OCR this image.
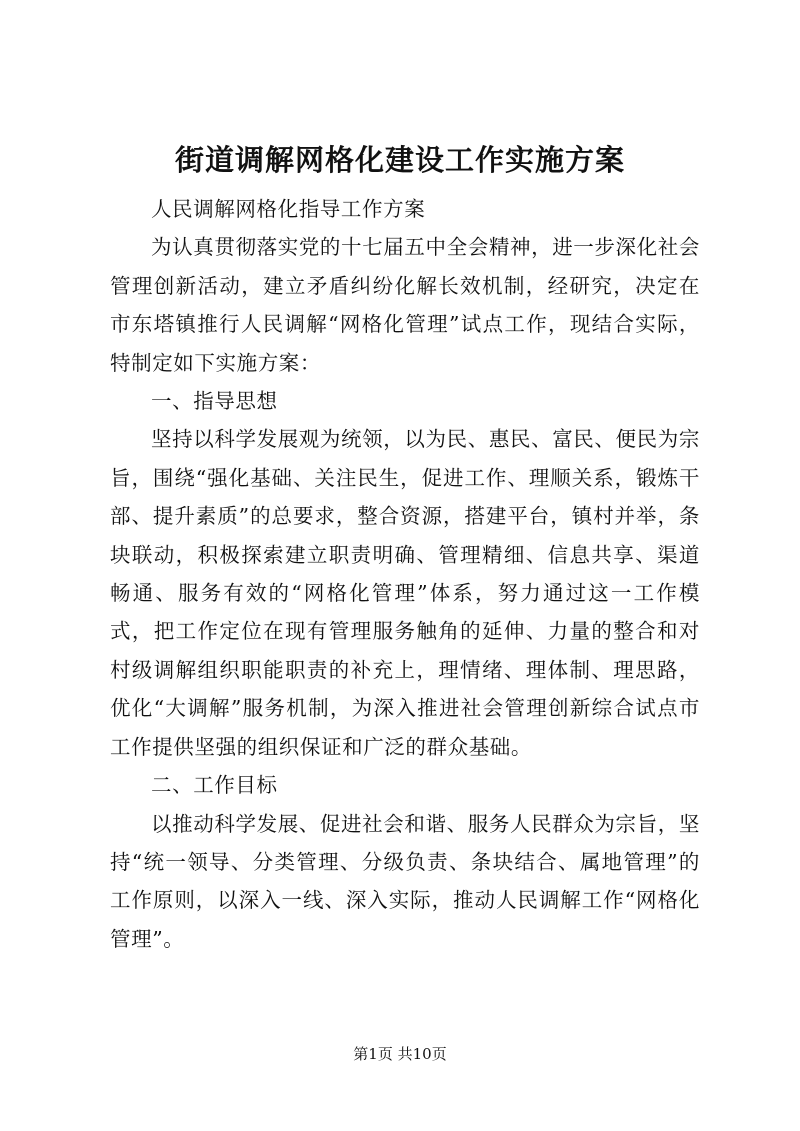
街道调解网格化建设工作实施方案

人民调解网格化指导工作方案

为认真贯彻落实党的十七届五中全会精神，进一步深化社会管理创新活动，建立矛盾纠纷化解长效机制，经研究，决定在市东塔镇推行人民调解“网格化管理”试点工作，现结合实际，特制定如下实施方案：

一、指导思想

坚持以科学发展观为统领，以为民、惠民、富民、便民为宗旨，围绕“强化基础、关注民生，促进工作、理顺关系，锻炼干部、提升素质”的总要求，整合资源，搭建平台，镇村并举，条块联动，积极探索建立职责明确、管理精细、信息共享、渠道畅通、服务有效的“网格化管理”体系，努力通过这一工作模式，把工作定位在现有管理服务触角的延伸、力量的整合和对村级调解组织职能职责的补充上，理情绪、理体制、理思路，优化“大调解”服务机制，为深入推进社会管理创新综合试点市工作提供坚强的组织保证和广泛的群众基础。

二、工作目标

以推动科学发展、促进社会和谐、服务人民群众为宗旨，坚持“统一领导、分类管理、分级负责、条块结合、属地管理”的工作原则，以深入一线、深入实际，推动人民调解工作“网格化管理”。

第1页 共10页
